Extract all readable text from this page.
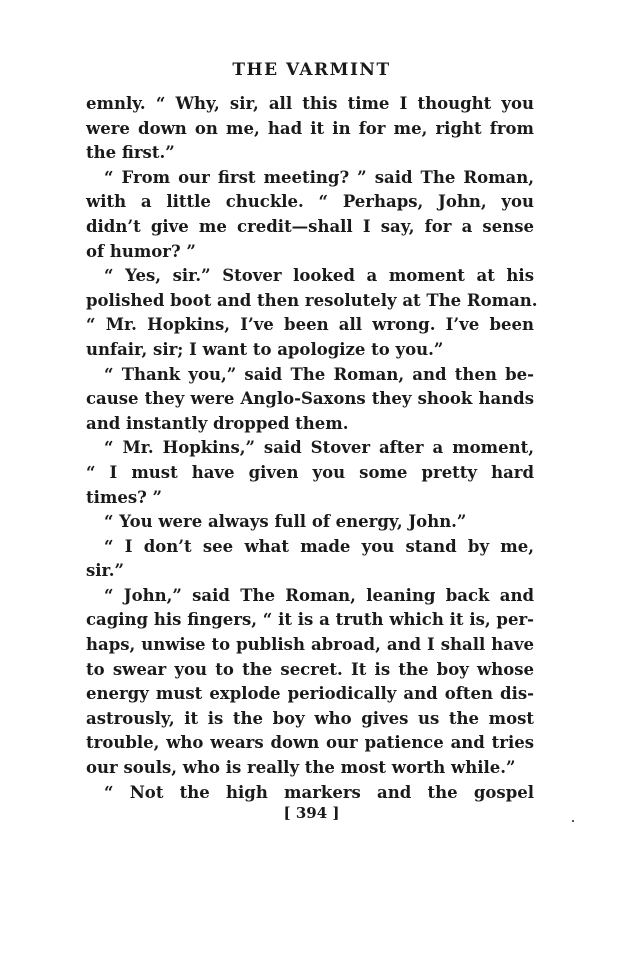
THE VARMINT
emnly. “ Why, sir, all this time I thought you
were down on me, had it in for me, right from
the first.”
“ From our first meeting? ” said The Roman,
with a little chuckle. “ Perhaps, John, you
didn’t give me credit—shall I say, for a sense
of humor? ”
“ Yes, sir.” Stover looked a moment at his
polished boot and then resolutely at The Roman.
“ Mr. Hopkins, I’ve been all wrong. I’ve been
unfair, sir; I want to apologize to you.”
“ Thank you,” said The Roman, and then be-
cause they were Anglo-Saxons they shook hands
and instantly dropped them.
“ Mr. Hopkins,” said Stover after a moment,
“ I must have given you some pretty hard
times? ”
“ You were always full of energy, John.”
“ I don’t see what made you stand by me,
sir.”
“ John,” said The Roman, leaning back and
caging his fingers, “ it is a truth which it is, per-
haps, unwise to publish abroad, and I shall have
to swear you to the secret. It is the boy whose
energy must explode periodically and often dis-
astrously, it is the boy who gives us the most
trouble, who wears down our patience and tries
our souls, who is really the most worth while.”
“ Not the high markers and the gospel
[ 394 ]
